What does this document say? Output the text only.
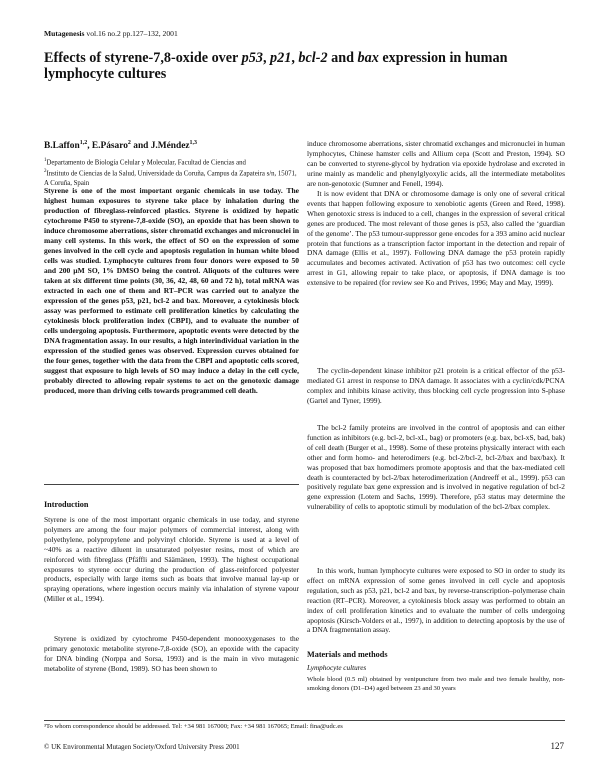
Mutagenesis vol.16 no.2 pp.127–132, 2001
Effects of styrene-7,8-oxide over p53, p21, bcl-2 and bax expression in human lymphocyte cultures
B.Laffon$^{1,2}$, E.Pásaro$^2$ and J.Méndez$^{1,3}$
$^1$Departamento de Biología Celular y Molecular, Facultad de Ciencias and
$^2$Instituto de Ciencias de la Salud, Universidade da Coruña, Campus da Zapateira s/n, 15071, A Coruña, Spain

Styrene is one of the most important organic chemicals in use today. The highest human exposures to styrene take place by inhalation during the production of fibreglass-reinforced plastics. Styrene is oxidized by hepatic cytochrome P450 to styrene-7,8-oxide (SO), an epoxide that has been shown to induce chromosome aberrations, sister chromatid exchanges and micronuclei in many cell systems. In this work, the effect of SO on the expression of some genes involved in the cell cycle and apoptosis regulation in human white blood cells was studied. Lymphocyte cultures from four donors were exposed to 50 and 200 µM SO, 1% DMSO being the control. Aliquots of the cultures were taken at six different time points (30, 36, 42, 48, 60 and 72 h), total mRNA was extracted in each one of them and RT–PCR was carried out to analyze the expression of the genes p53, p21, bcl-2 and bax. Moreover, a cytokinesis block assay was performed to estimate cell proliferation kinetics by calculating the cytokinesis block proliferation index (CBPI), and to evaluate the number of cells undergoing apoptosis. Furthermore, apoptotic events were detected by the DNA fragmentation assay. In our results, a high interindividual variation in the expression of the studied genes was observed. Expression curves obtained for the four genes, together with the data from the CBPI and apoptotic cells scored, suggest that exposure to high levels of SO may induce a delay in the cell cycle, probably directed to allowing repair systems to act on the genotoxic damage produced, more than driving cells towards programmed cell death.

Introduction

Styrene is one of the most important organic chemicals in use today, and styrene polymers are among the four major polymers of commercial interest, along with polyethylene, polypropylene and polyvinyl chloride. Styrene is used at a level of ~40% as a reactive diluent in unsaturated polyester resins, most of which are reinforced with fibreglass (Pfäffli and Säämänen, 1993). The highest occupational exposures to styrene occur during the production of glass-reinforced polyester products, especially with large items such as boats that involve manual lay-up or spraying operations, where ingestion occurs mainly via inhalation of styrene vapour (Miller et al., 1994).

Styrene is oxidized by cytochrome P450-dependent monooxygenases to the primary genotoxic metabolite styrene-7,8-oxide (SO), an epoxide with the capacity for DNA binding (Norppa and Sorsa, 1993) and is the main in vivo mutagenic metabolite of styrene (Bond, 1989). SO has been shown to

induce chromosome aberrations, sister chromatid exchanges and micronuclei in human lymphocytes, Chinese hamster cells and Allium cepa (Scott and Preston, 1994). SO can be converted to styrene-glycol by hydration via epoxide hydrolase and excreted in urine mainly as mandelic and phenylglyoxylic acids, all the intermediate metabolites are non-genotoxic (Sumner and Fenell, 1994).

It is now evident that DNA or chromosome damage is only one of several critical events that happen following exposure to xenobiotic agents (Green and Reed, 1998). When genotoxic stress is induced to a cell, changes in the expression of several critical genes are produced. The most relevant of those genes is p53, also called the ‘guardian of the genome’. The p53 tumour-suppressor gene encodes for a 393 amino acid nuclear protein that functions as a transcription factor important in the detection and repair of DNA damage (Ellis et al., 1997). Following DNA damage the p53 protein rapidly accumulates and becomes activated. Activation of p53 has two outcomes: cell cycle arrest in G1, allowing repair to take place, or apoptosis, if DNA damage is too extensive to be repaired (for review see Ko and Prives, 1996; May and May, 1999).

The cyclin-dependent kinase inhibitor p21 protein is a critical effector of the p53-mediated G1 arrest in response to DNA damage. It associates with a cyclin/cdk/PCNA complex and inhibits kinase activity, thus blocking cell cycle progression into S-phase (Gartel and Tyner, 1999).

The bcl-2 family proteins are involved in the control of apoptosis and can either function as inhibitors (e.g. bcl-2, bcl-xL, bag) or promoters (e.g. bax, bcl-xS, bad, bak) of cell death (Burger et al., 1998). Some of these proteins physically interact with each other and form homo- and heterodimers (e.g. bcl-2/bcl-2, bcl-2/bax and bax/bax). It was proposed that bax homodimers promote apoptosis and that the bax-mediated cell death is counteracted by bcl-2/bax heterodimerization (Andreeff et al., 1999). p53 can positively regulate bax gene expression and is involved in negative regulation of bcl-2 gene expression (Lotem and Sachs, 1999). Therefore, p53 status may determine the vulnerability of cells to apoptotic stimuli by modulation of the bcl-2/bax complex.

In this work, human lymphocyte cultures were exposed to SO in order to study its effect on mRNA expression of some genes involved in cell cycle and apoptosis regulation, such as p53, p21, bcl-2 and bax, by reverse-transcription–polymerase chain reaction (RT–PCR). Moreover, a cytokinesis block assay was performed to obtain an index of cell proliferation kinetics and to evaluate the number of cells undergoing apoptosis (Kirsch-Volders et al., 1997), in addition to detecting apoptosis by the use of a DNA fragmentation assay.

Materials and methods
Lymphocyte cultures

Whole blood (0.5 ml) obtained by venipuncture from two male and two female healthy, non-smoking donors (D1–D4) aged between 23 and 30 years

³To whom correspondence should be addressed. Tel: +34 981 167000; Fax: +34 981 167065; Email: fina@udc.es
© UK Environmental Mutagen Society/Oxford University Press 2001	127
